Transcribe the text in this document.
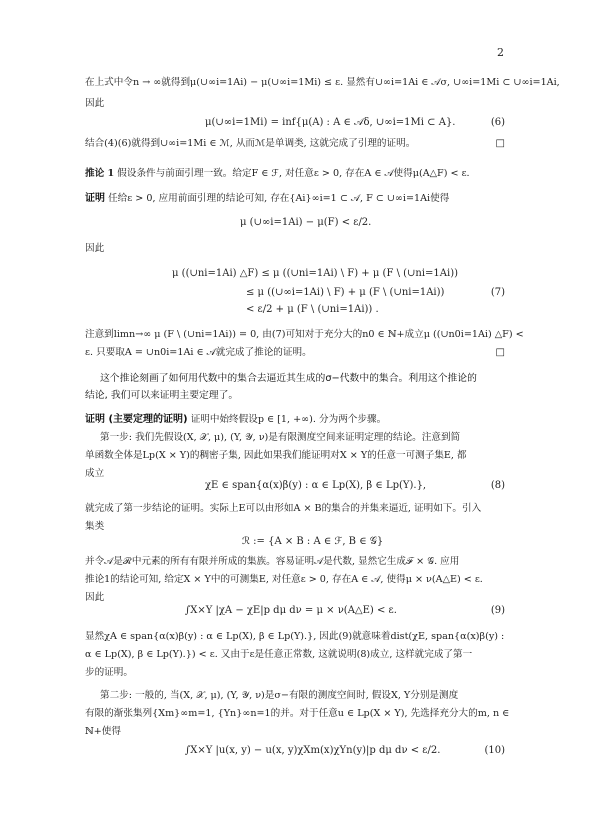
2
在上式中令n → ∞就得到μ(∪∞i=1Ai) − μ(∪∞i=1Mi) ≤ ε. 显然有∪∞i=1Ai ∈ 𝒜σ, ∪∞i=1Mi ⊂ ∪∞i=1Ai,
因此
μ(∪∞i=1Mi) = inf{μ(A) : A ∈ 𝒜δ, ∪∞i=1Mi ⊂ A}.	(6)
结合(4)(6)就得到∪∞i=1Mi ∈ ℳ, 从而ℳ是单调类, 这就完成了引理的证明。	□
推论 1 假设条件与前面引理一致。给定F ∈ ℱ, 对任意ε > 0, 存在A ∈ 𝒜使得μ(A△F) < ε.
证明 任给ε > 0, 应用前面引理的结论可知, 存在{Ai}∞i=1 ⊂ 𝒜, F ⊂ ∪∞i=1Ai使得
μ (∪∞i=1Ai) − μ(F) < ε/2.
因此
μ ((∪ni=1Ai) △F) ≤ μ ((∪ni=1Ai) \ F) + μ (F \ (∪ni=1Ai))
≤ μ ((∪∞i=1Ai) \ F) + μ (F \ (∪ni=1Ai))
< ε/2 + μ (F \ (∪ni=1Ai)) .
(7)
注意到limn→∞ μ (F \ (∪ni=1Ai)) = 0, 由(7)可知对于充分大的n0 ∈ ℕ+成立μ ((∪n0i=1Ai) △F) <
ε. 只要取A = ∪n0i=1Ai ∈ 𝒜就完成了推论的证明。	□
这个推论刻画了如何用代数中的集合去逼近其生成的σ−代数中的集合。利用这个推论的
结论, 我们可以来证明主要定理了。
证明 (主要定理的证明) 证明中始终假设p ∈ [1, +∞). 分为两个步骤。
第一步: 我们先假设(X, 𝒳, μ), (Y, 𝒴, ν)是有限测度空间来证明定理的结论。注意到简
单函数全体是Lp(X × Y)的稠密子集, 因此如果我们能证明对X × Y的任意一可测子集E, 都
成立
χE ∈ span{α(x)β(y) : α ∈ Lp(X), β ∈ Lp(Y).},	(8)
就完成了第一步结论的证明。实际上E可以由形如A × B的集合的并集来逼近, 证明如下。引入
集类
ℛ := {A × B : A ∈ ℱ, B ∈ 𝒢}
并令𝒜是ℛ中元素的所有有限并所成的集族。容易证明𝒜是代数, 显然它生成ℱ × 𝒢. 应用
推论1的结论可知, 给定X × Y中的可测集E, 对任意ε > 0, 存在A ∈ 𝒜, 使得μ × ν(A△E) < ε.
因此
∫X×Y |χA − χE|p dμ dν = μ × ν(A△E) < ε.	(9)
显然χA ∈ span{α(x)β(y) : α ∈ Lp(X), β ∈ Lp(Y).}, 因此(9)就意味着dist(χE, span{α(x)β(y) :
α ∈ Lp(X), β ∈ Lp(Y).}) < ε. 又由于ε是任意正常数, 这就说明(8)成立, 这样就完成了第一
步的证明。
第二步: 一般的, 当(X, 𝒳, μ), (Y, 𝒴, ν)是σ−有限的测度空间时, 假设X, Y分别是测度
有限的渐张集列{Xm}∞m=1, {Yn}∞n=1的并。对于任意u ∈ Lp(X × Y), 先选择充分大的m, n ∈
ℕ+使得
∫X×Y |u(x, y) − u(x, y)χXm(x)χYn(y)|p dμ dν < ε/2.	(10)
